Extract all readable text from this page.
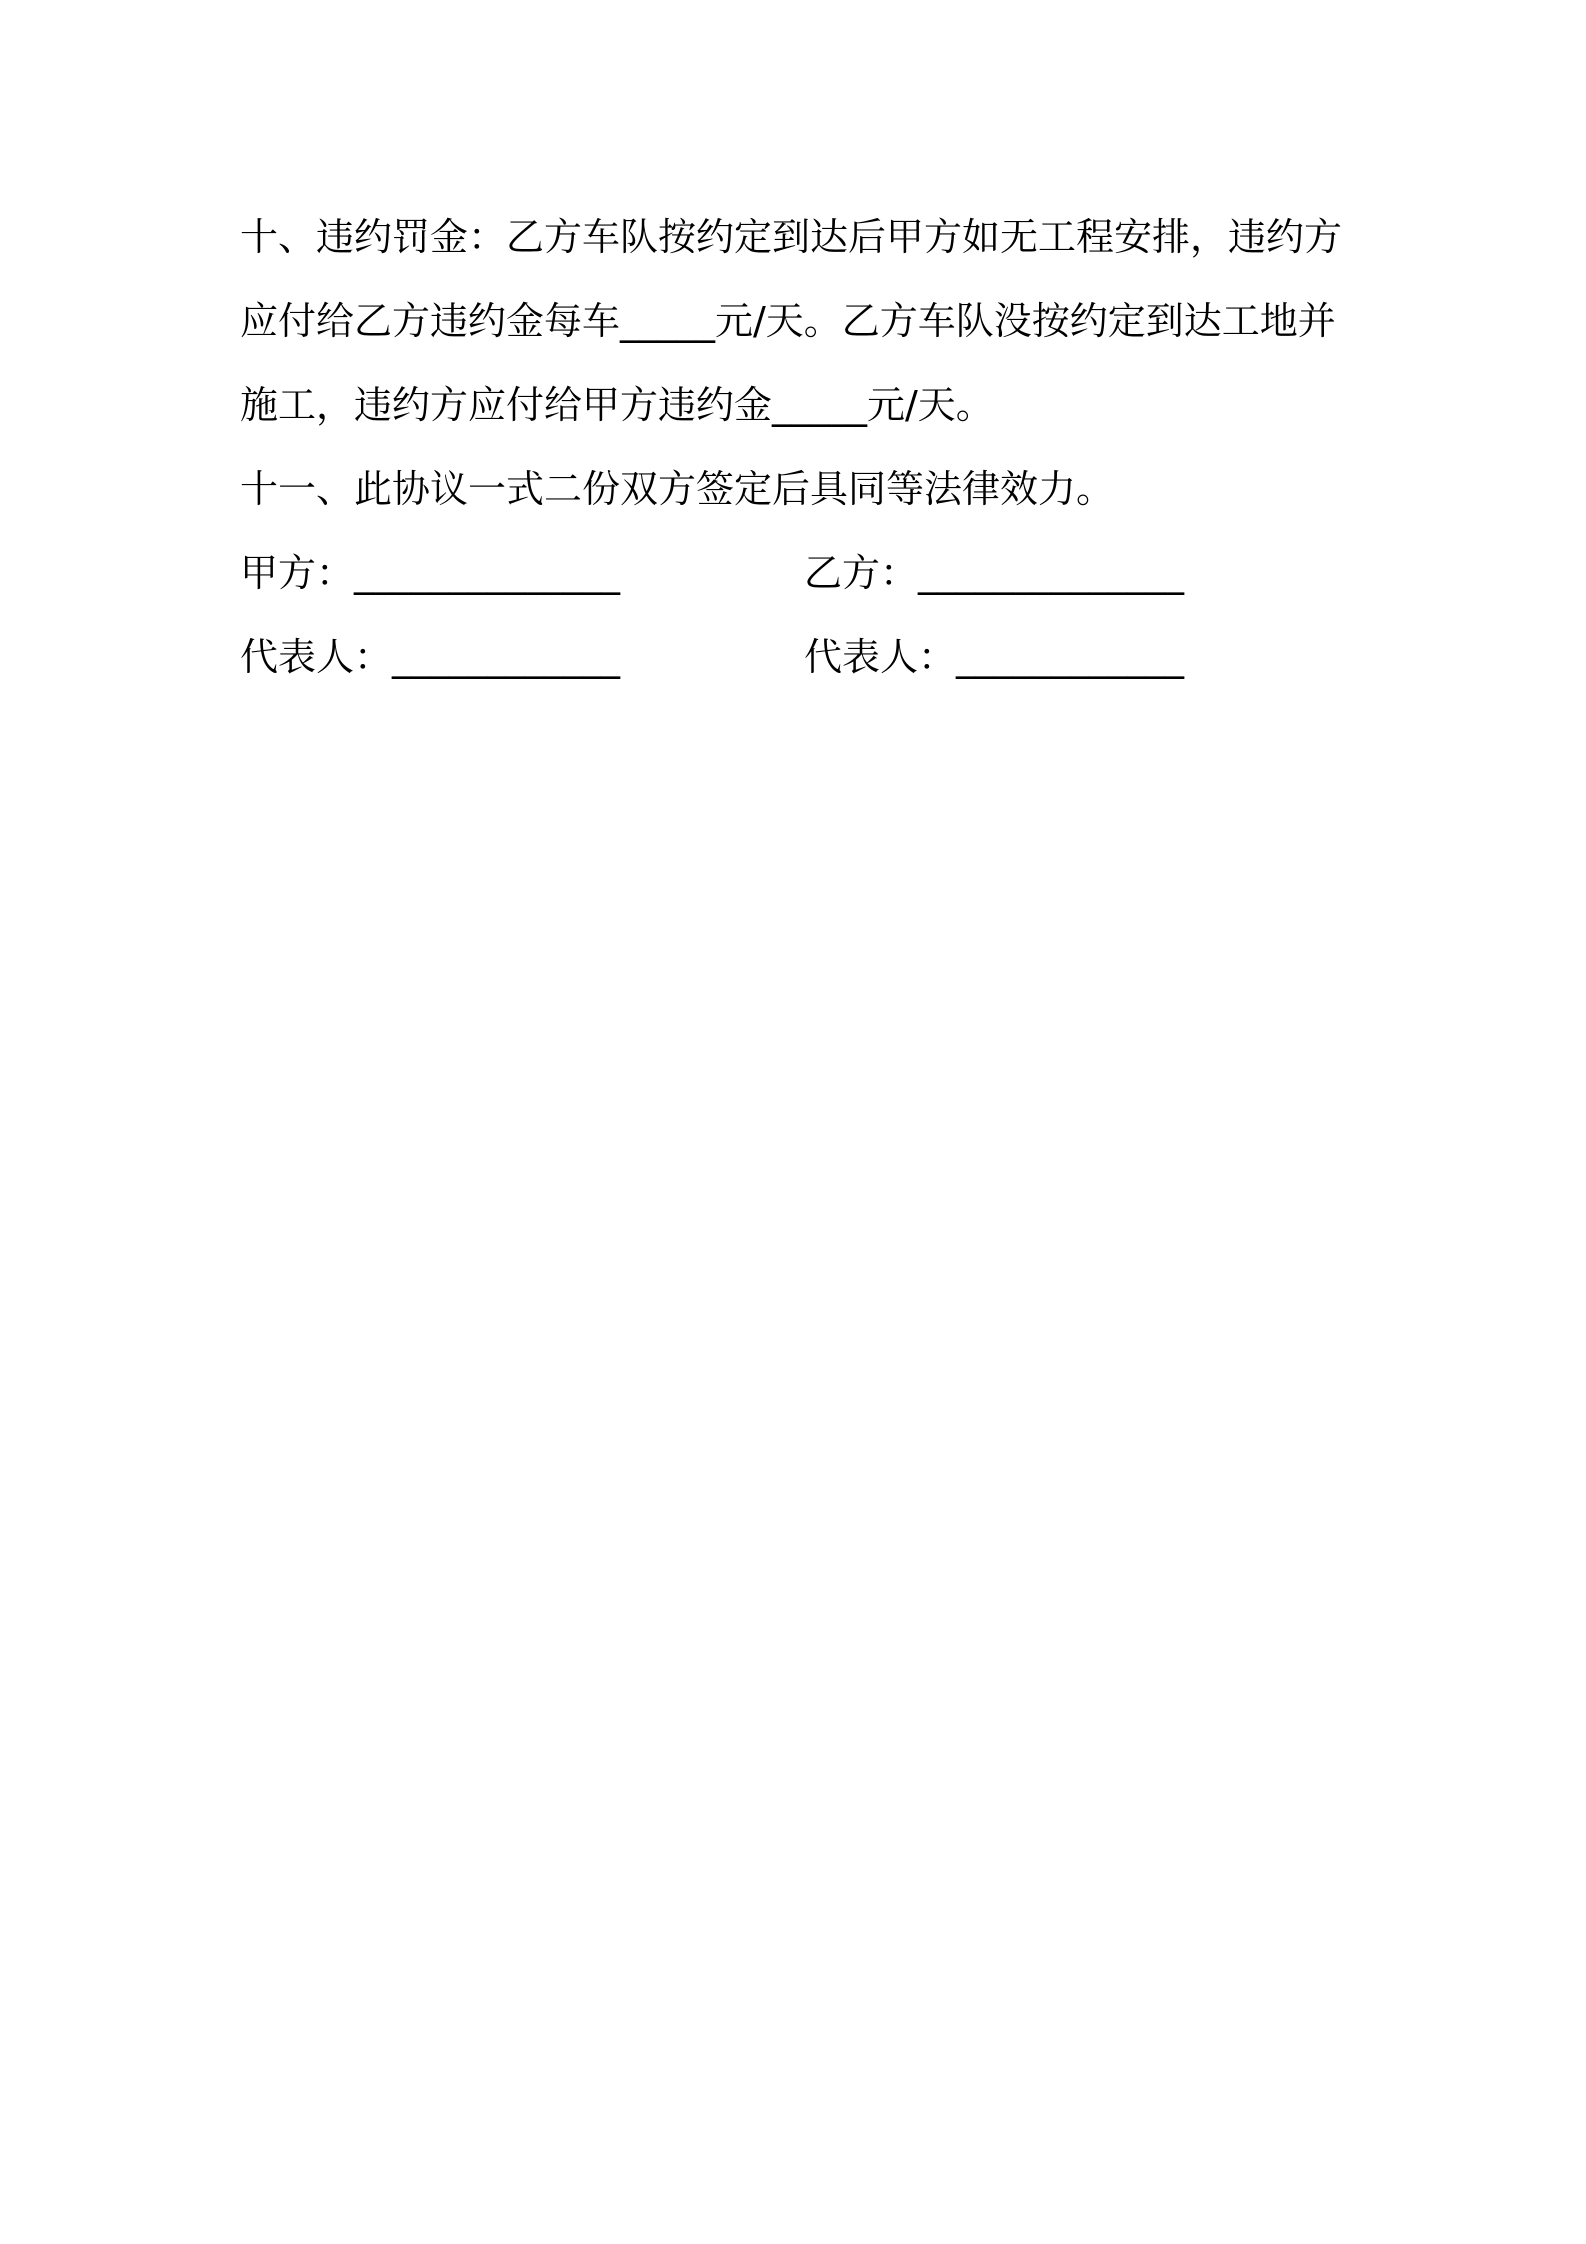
十、违约罚金：乙方车队按约定到达后甲方如无工程安排，违约方应付给乙方违约金每车_____元/天。乙方车队没按约定到达工地并施工，违约方应付给甲方违约金_____元/天。

十一、此协议一式二份双方签定后具同等法律效力。

甲方：______________	乙方：______________
代表人：____________	代表人：____________
